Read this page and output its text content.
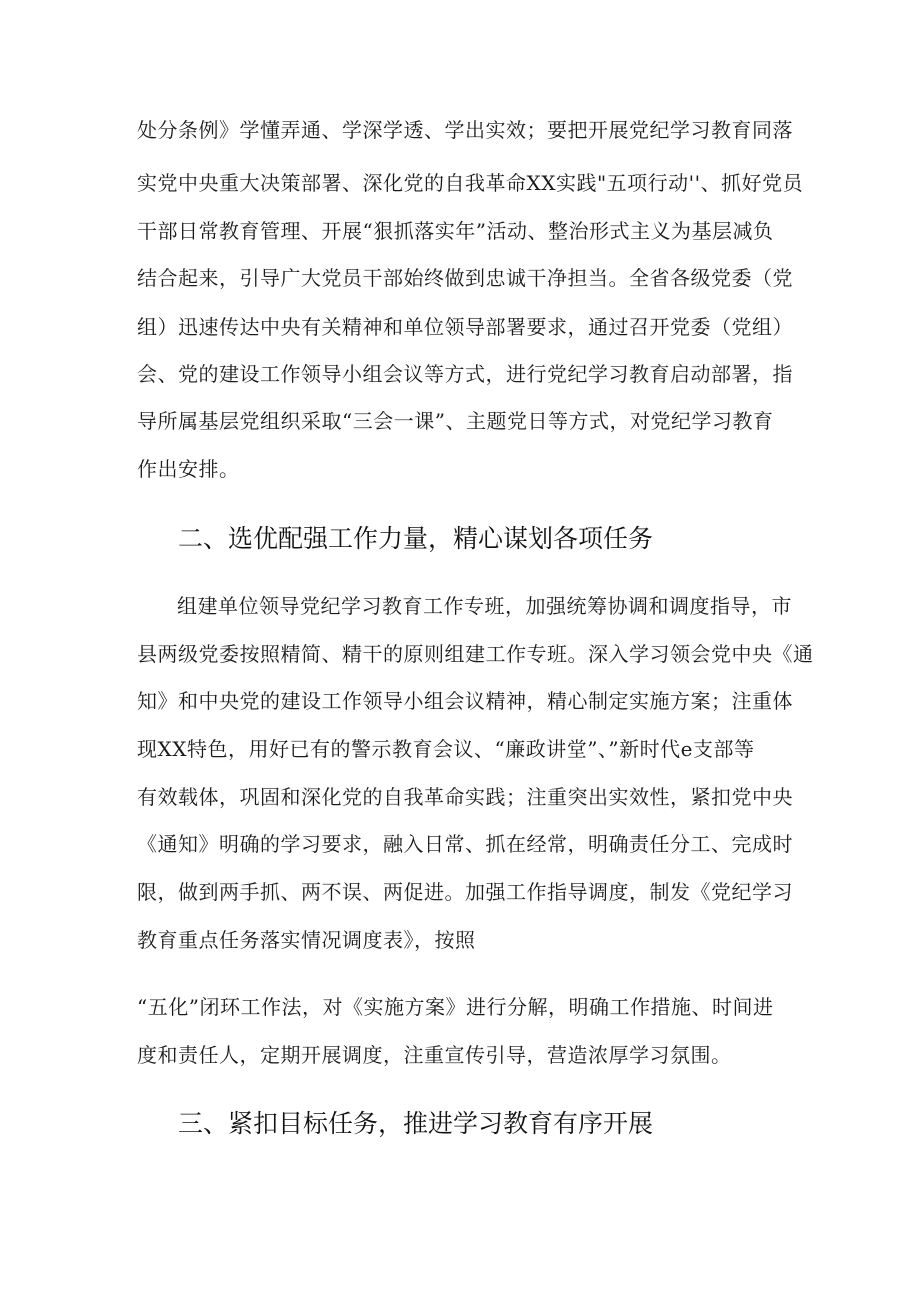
处分条例》学懂弄通、学深学透、学出实效；要把开展党纪学习教育同落
实党中央重大决策部署、深化党的自我革命XX实践"五项行动''、抓好党员
干部日常教育管理、开展“狠抓落实年”活动、整治形式主义为基层减负
结合起来，引导广大党员干部始终做到忠诚干净担当。全省各级党委（党
组）迅速传达中央有关精神和单位领导部署要求，通过召开党委（党组）
会、党的建设工作领导小组会议等方式，进行党纪学习教育启动部署，指
导所属基层党组织采取“三会一课”、主题党日等方式，对党纪学习教育
作出安排。
二、选优配强工作力量，精心谋划各项任务
组建单位领导党纪学习教育工作专班，加强统筹协调和调度指导，市
县两级党委按照精简、精干的原则组建工作专班。深入学习领会党中央《通
知》和中央党的建设工作领导小组会议精神，精心制定实施方案；注重体
现XX特色，用好已有的警示教育会议、“廉政讲堂”、”新时代e支部等
有效载体，巩固和深化党的自我革命实践；注重突出实效性，紧扣党中央
《通知》明确的学习要求，融入日常、抓在经常，明确责任分工、完成时
限，做到两手抓、两不误、两促进。加强工作指导调度，制发《党纪学习
教育重点任务落实情况调度表》，按照
“五化”闭环工作法，对《实施方案》进行分解，明确工作措施、时间进
度和责任人，定期开展调度，注重宣传引导，营造浓厚学习氛围。
三、紧扣目标任务，推进学习教育有序开展
